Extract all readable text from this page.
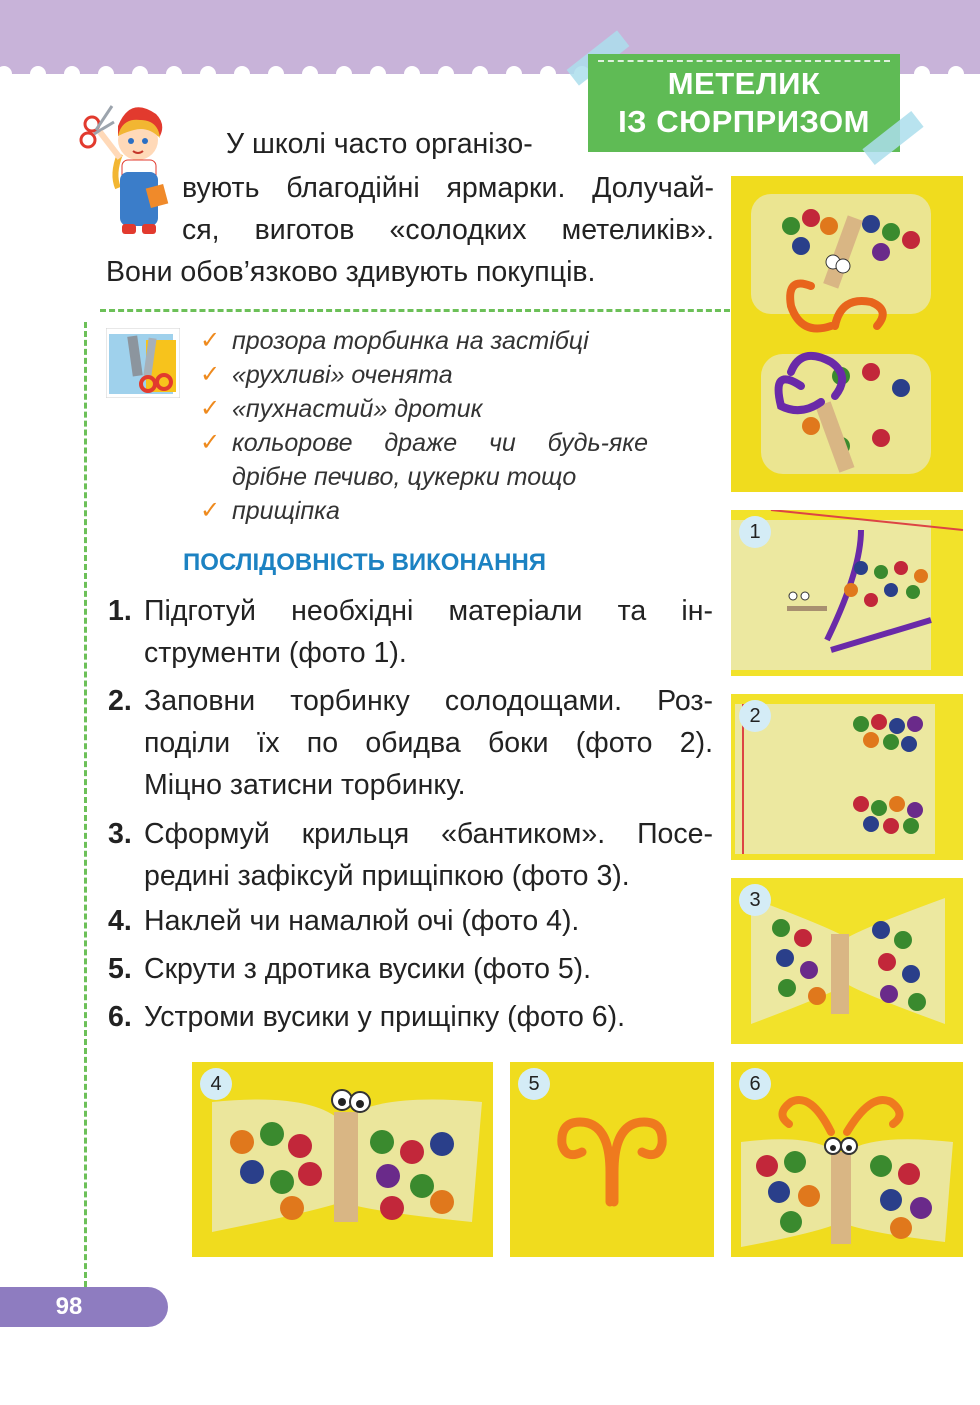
МЕТЕЛИК
ІЗ СЮРПРИЗОМ
У школі часто організо-
вують благодійні ярмарки. Долучай-
ся, виготов «солодких метеликів».
Вони обов’язково здивують покупців.
✓ прозора торбинка на застібці
✓ «рухливі» оченята
✓ «пухнастий» дротик
✓ кольорове драже чи будь-яке
дрібне печиво, цукерки тощо
✓ прищіпка
ПОСЛІДОВНІСТЬ ВИКОНАННЯ
1. Підготуй необхідні матеріали та ін-
струменти (фото 1).
2. Заповни торбинку солодощами. Роз-
поділи їх по обидва боки (фото 2).
Міцно затисни торбинку.
3. Сформуй крильця «бантиком». Посе-
редині зафіксуй прищіпкою (фото 3).
4. Наклей чи намалюй очі (фото 4).
5. Скрути з дротика вусики (фото 5).
6. Устроми вусики у прищіпку (фото 6).
1
2
3
4	5	6
98
